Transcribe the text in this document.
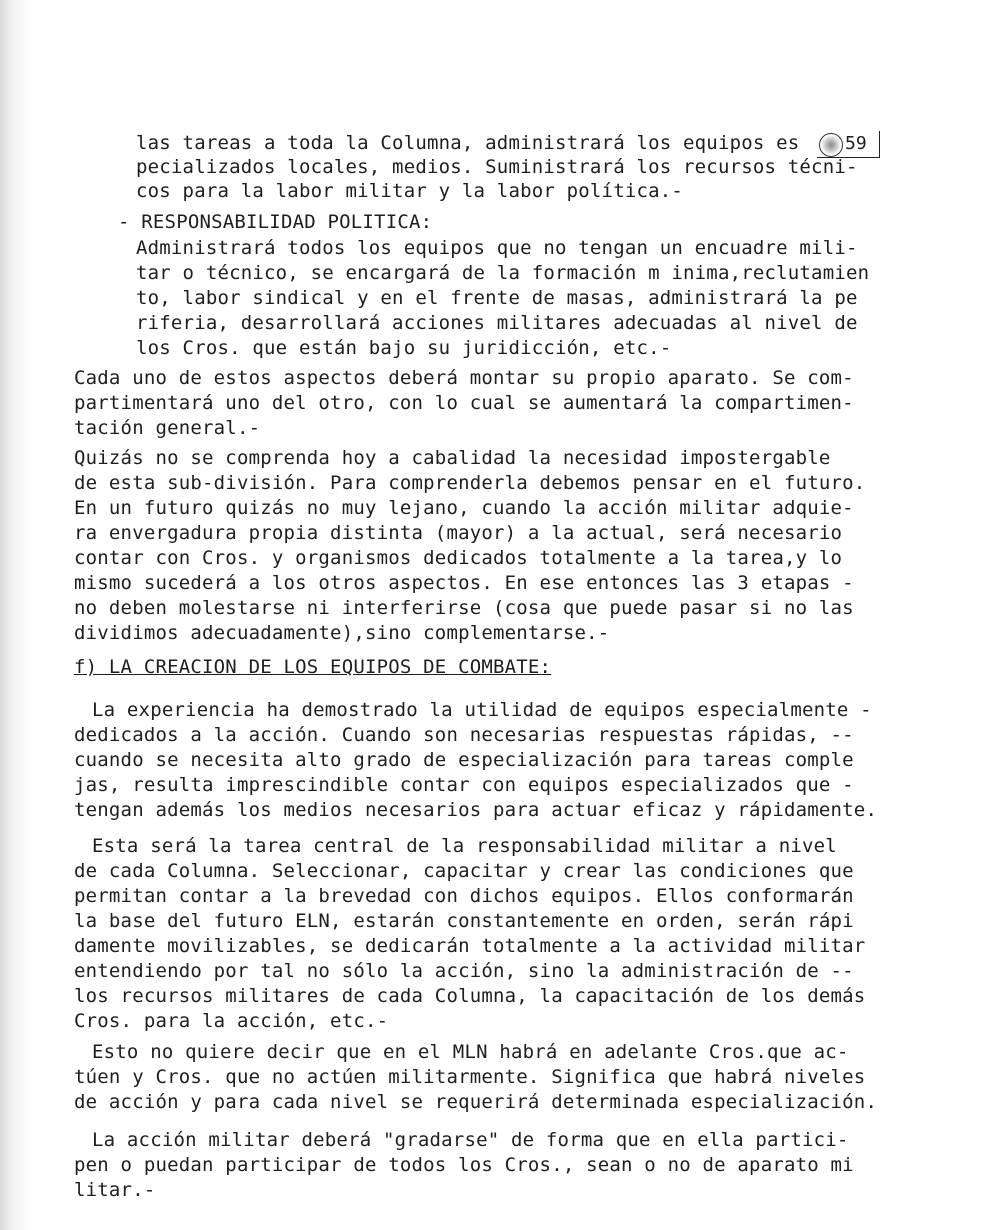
59
las tareas a toda la Columna, administrará los equipos es
pecializados locales, medios. Suministrará los recursos técni-
cos para la labor militar y la labor política.-
- RESPONSABILIDAD POLITICA:
Administrará todos los equipos que no tengan un encuadre mili-
tar o técnico, se encargará de la formación m inima,reclutamien
to, labor sindical y en el frente de masas, administrará la pe
riferia, desarrollará acciones militares adecuadas al nivel de
los Cros. que están bajo su juridicción, etc.-
Cada uno de estos aspectos deberá montar su propio aparato. Se com-
partimentará uno del otro, con lo cual se aumentará la compartimen-
tación general.-
Quizás no se comprenda hoy a cabalidad la necesidad impostergable
de esta sub-división. Para comprenderla debemos pensar en el futuro.
En un futuro quizás no muy lejano, cuando la acción militar adquie-
ra envergadura propia distinta (mayor) a la actual, será necesario
contar con Cros. y organismos dedicados totalmente a la tarea,y lo
mismo sucederá a los otros aspectos. En ese entonces las 3 etapas -
no deben molestarse ni interferirse (cosa que puede pasar si no las
dividimos adecuadamente),sino complementarse.-
f) LA CREACION DE LOS EQUIPOS DE COMBATE:
La experiencia ha demostrado la utilidad de equipos especialmente -
dedicados a la acción. Cuando son necesarias respuestas rápidas, --
cuando se necesita alto grado de especialización para tareas comple
jas, resulta imprescindible contar con equipos especializados que -
tengan además los medios necesarios para actuar eficaz y rápidamente.
Esta será la tarea central de la responsabilidad militar a nivel
de cada Columna. Seleccionar, capacitar y crear las condiciones que
permitan contar a la brevedad con dichos equipos. Ellos conformarán
la base del futuro ELN, estarán constantemente en orden, serán rápi
damente movilizables, se dedicarán totalmente a la actividad militar
entendiendo por tal no sólo la acción, sino la administración de --
los recursos militares de cada Columna, la capacitación de los demás
Cros. para la acción, etc.-
Esto no quiere decir que en el MLN habrá en adelante Cros.que ac-
túen y Cros. que no actúen militarmente. Significa que habrá niveles
de acción y para cada nivel se requerirá determinada especialización.
La acción militar deberá "gradarse" de forma que en ella partici-
pen o puedan participar de todos los Cros., sean o no de aparato mi
litar.-
